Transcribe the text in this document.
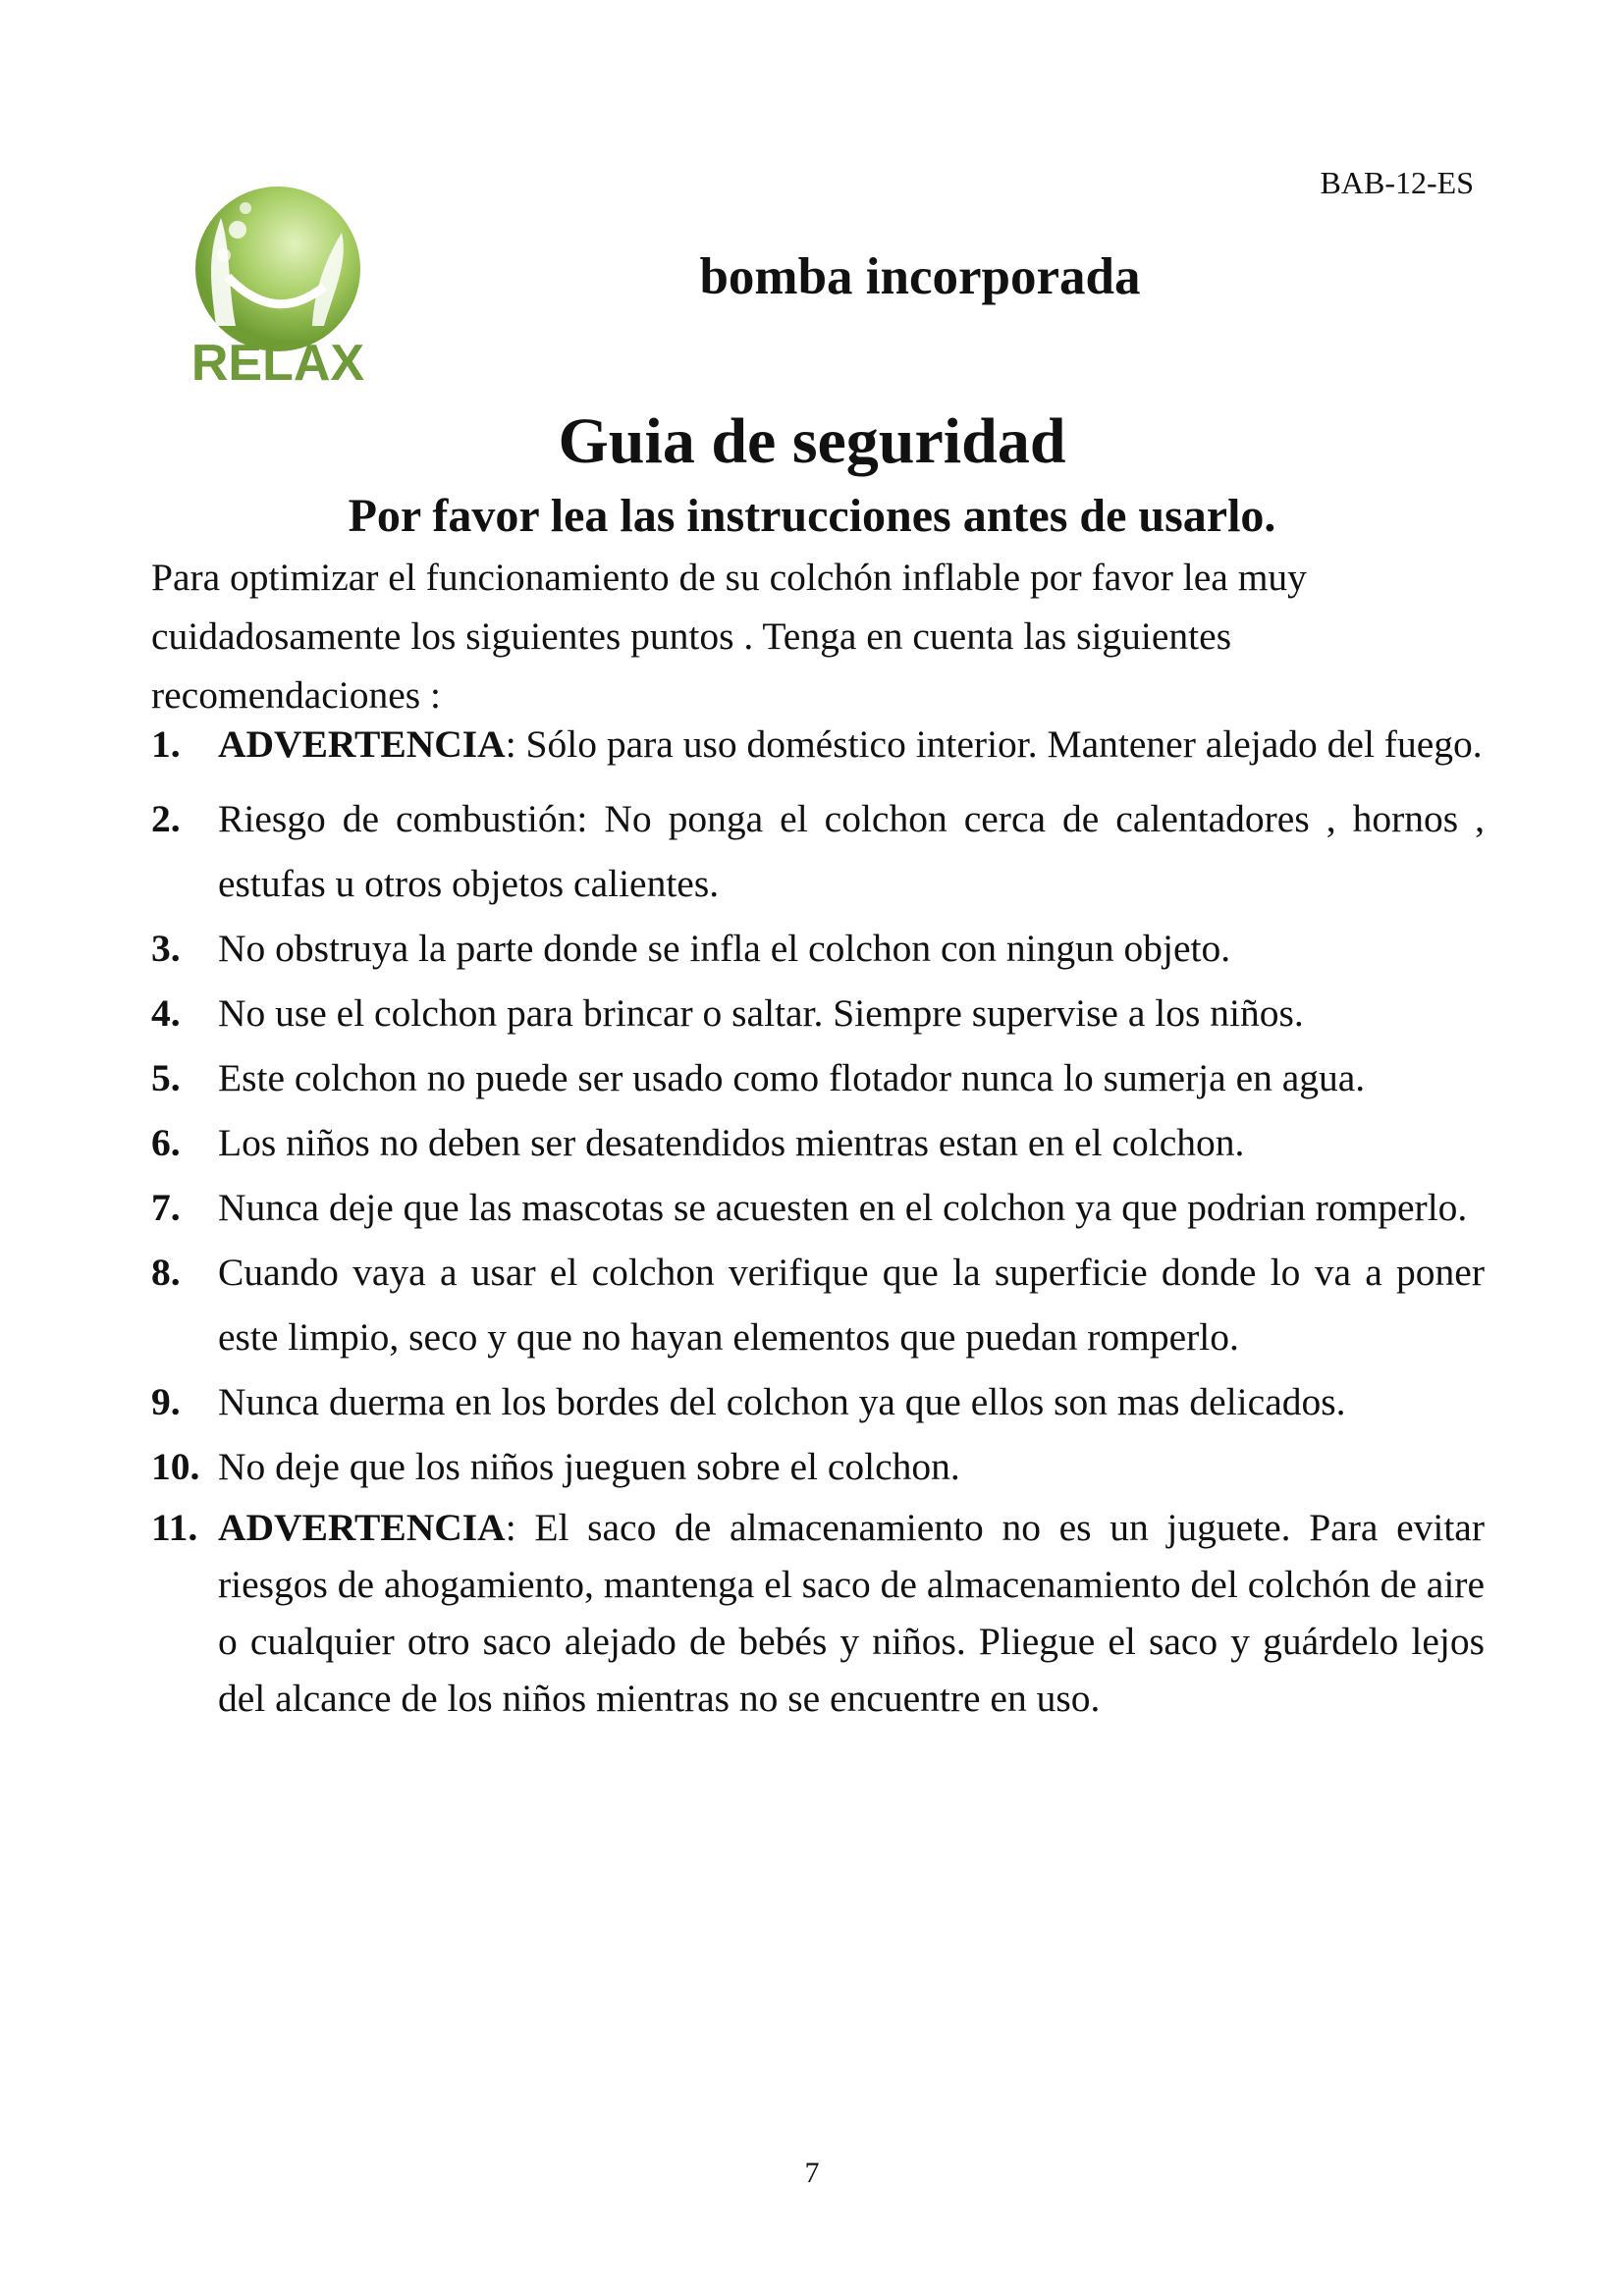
BAB-12-ES
RELAX
bomba incorporada
Guia de seguridad
Por favor lea las instrucciones antes de usarlo.
Para optimizar el funcionamiento de su colchón inflable por favor lea muy cuidadosamente los siguientes puntos . Tenga en cuenta las siguientes recomendaciones :
1. ADVERTENCIA: Sólo para uso doméstico interior. Mantener alejado del fuego.
2. Riesgo de combustión: No ponga el colchon cerca de calentadores , hornos , estufas u otros objetos calientes.
3. No obstruya la parte donde se infla el colchon con ningun objeto.
4. No use el colchon para brincar o saltar. Siempre supervise a los niños.
5. Este colchon no puede ser usado como flotador nunca lo sumerja en agua.
6. Los niños no deben ser desatendidos mientras estan en el colchon.
7. Nunca deje que las mascotas se acuesten en el colchon ya que podrian romperlo.
8. Cuando vaya a usar el colchon verifique que la superficie donde lo va a poner este limpio, seco y que no hayan elementos que puedan romperlo.
9. Nunca duerma en los bordes del colchon ya que ellos son mas delicados.
10. No deje que los niños jueguen sobre el colchon.
11. ADVERTENCIA: El saco de almacenamiento no es un juguete. Para evitar riesgos de ahogamiento, mantenga el saco de almacenamiento del colchón de aire o cualquier otro saco alejado de bebés y niños. Pliegue el saco y guárdelo lejos del alcance de los niños mientras no se encuentre en uso.
7
